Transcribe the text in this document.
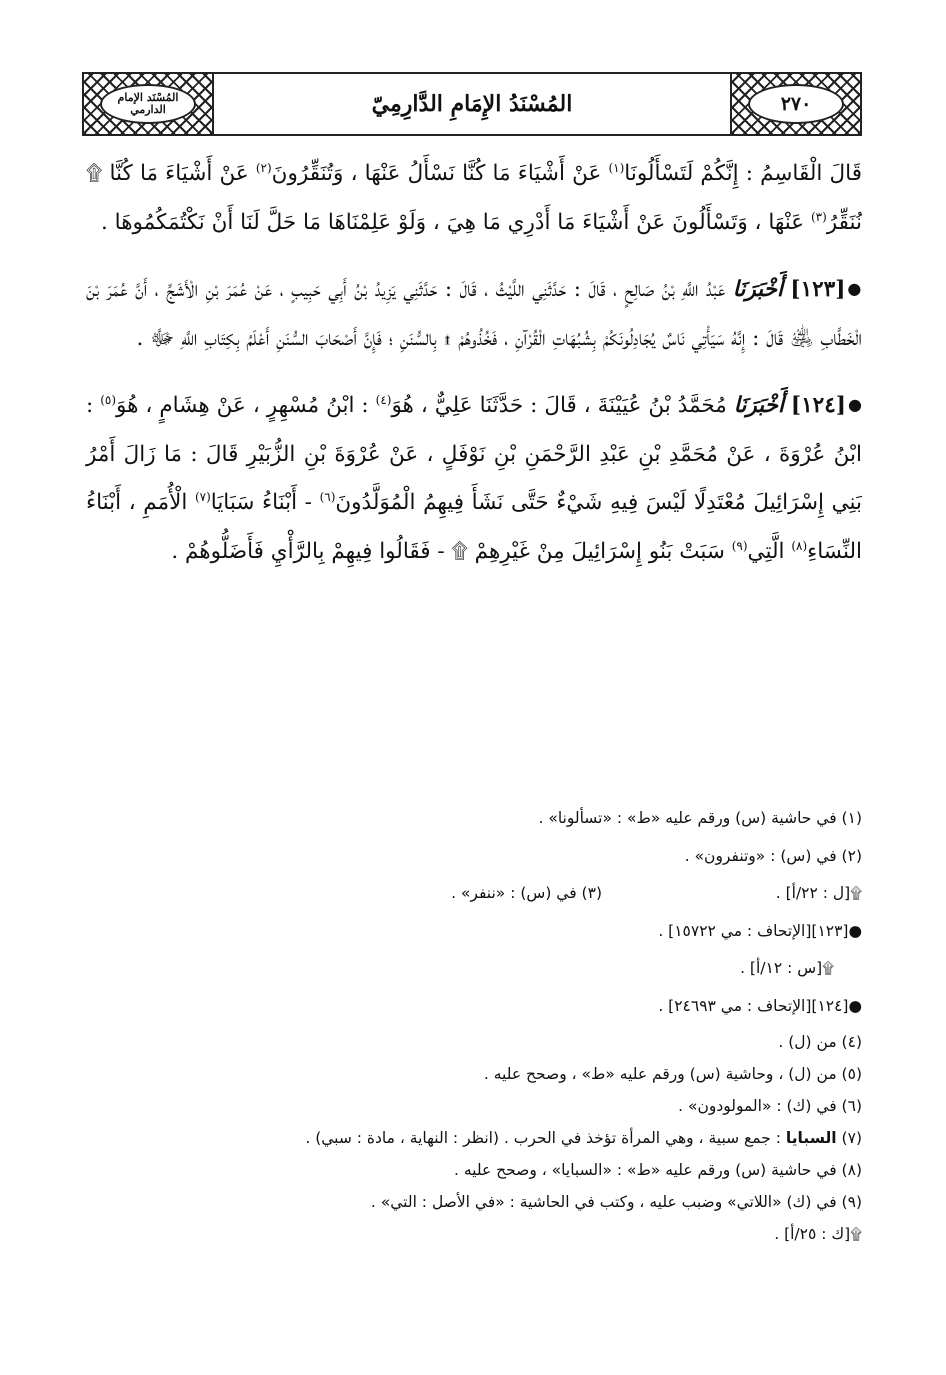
٢٧٠
المُسْنَدُ الإِمَامِ الدَّارِمِيّ
المُسْنَد الإمام الدارمي

قَالَ الْقَاسِمُ : إِنَّكُمْ لَتَسْأَلُونَا$^{(١)}$ عَنْ أَشْيَاءَ مَا كُنَّا نَسْأَلُ عَنْهَا ، وَتُنَقِّرُونَ$^{(٢)}$ عَنْ أَشْيَاءَ مَا كُنَّا ۩ نُنَقِّرُ$^{(٣)}$ عَنْهَا ، وَتَسْأَلُونَ عَنْ أَشْيَاءَ مَا أَدْرِي مَا هِيَ ، وَلَوْ عَلِمْنَاهَا مَا حَلَّ لَنَا أَنْ نَكْتُمَكُمُوهَا .

●[١٢٣] أَخْبَرَنَا عَبْدُ اللَّهِ بْنُ صَالِحٍ ، قَالَ : حَدَّثَنِي اللَّيْثُ ، قَالَ : حَدَّثَنِي يَزِيدُ بْنُ أَبِي حَبِيبٍ ، عَنْ عُمَرَ بْنِ الْأَشَجِّ ، أَنَّ عُمَرَ بْنَ الْخَطَّابِ ﵁ قَالَ : إِنَّهُ سَيَأْتِي نَاسٌ يُجَادِلُونَكُمْ بِشُبُهَاتِ الْقُرْآنِ ، فَخُذُوهُمْ ۩ بِالسُّنَنِ ؛ فَإِنَّ أَصْحَابَ السُّنَنِ أَعْلَمُ بِكِتَابِ اللَّهِ ﷻ .

●[١٢٤] أَخْبَرَنَا مُحَمَّدُ بْنُ عُيَيْنَةَ ، قَالَ : حَدَّثَنَا عَلِيٌّ ، هُوَ$^{(٤)}$ : ابْنُ مُسْهِرٍ ، عَنْ هِشَامٍ ، هُوَ$^{(٥)}$ : ابْنُ عُرْوَةَ ، عَنْ مُحَمَّدِ بْنِ عَبْدِ الرَّحْمَنِ بْنِ نَوْفَلٍ ، عَنْ عُرْوَةَ بْنِ الزُّبَيْرِ قَالَ : مَا زَالَ أَمْرُ بَنِي إِسْرَائِيلَ مُعْتَدِلًا لَيْسَ فِيهِ شَيْءٌ حَتَّى نَشَأَ فِيهِمُ الْمُوَلَّدُونَ$^{(٦)}$ - أَبْنَاءُ سَبَايَا$^{(٧)}$ الْأُمَمِ ، أَبْنَاءُ النِّسَاءِ$^{(٨)}$ الَّتِي$^{(٩)}$ سَبَتْ بَنُو إِسْرَائِيلَ مِنْ غَيْرِهِمْ ۩ - فَقَالُوا فِيهِمْ بِالرَّأْيِ فَأَضَلُّوهُمْ .

(١) في حاشية (س) ورقم عليه «ط» : «تسألونا» .
(٢) في (س) : «وتنفرون» .
۩[ل : ٢٢/أ] .
(٣) في (س) : «ننفر» .
●[١٢٣][الإتحاف : مي ١٥٧٢٢] .
۩[س : ١٢/أ] .
●[١٢٤][الإتحاف : مي ٢٤٦٩٣] .
(٤) من (ل) .
(٥) من (ل) ، وحاشية (س) ورقم عليه «ط» ، وصحح عليه .
(٦) في (ك) : «المولودون» .
(٧) السبايا : جمع سبية ، وهي المرأة تؤخذ في الحرب . (انظر : النهاية ، مادة : سبي) .
(٨) في حاشية (س) ورقم عليه «ط» : «السبايا» ، وصحح عليه .
(٩) في (ك) «اللاتي» وضبب عليه ، وكتب في الحاشية : «في الأصل : التي» .
۩[ك : ٢٥/أ] .
